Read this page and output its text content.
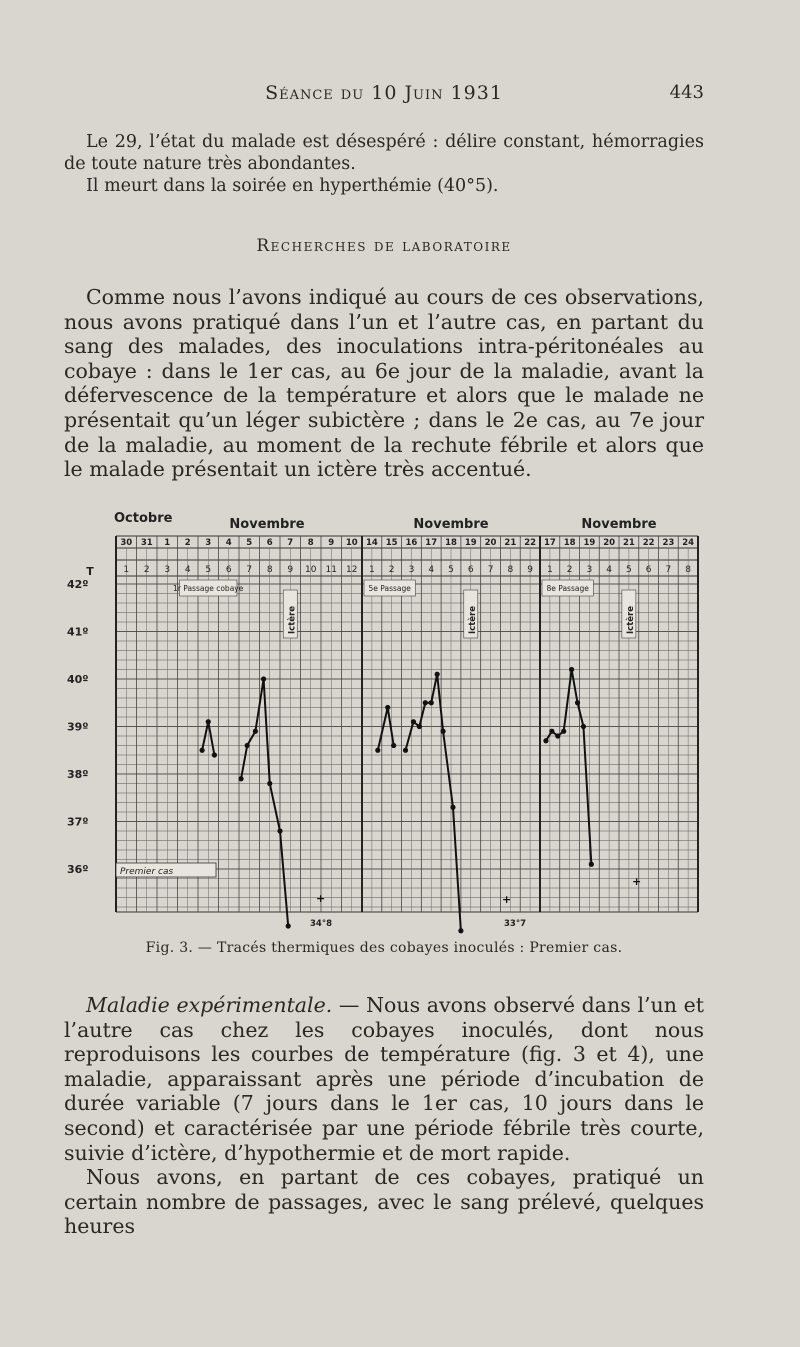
Séance du 10 Juin 1931	443

Le 29, l’état du malade est désespéré : délire constant, hémorragies de toute nature très abondantes.

Il meurt dans la soirée en hyperthémie (40°5).

Recherches de laboratoire

Comme nous l’avons indiqué au cours de ces observations, nous avons pratiqué dans l’un et l’autre cas, en partant du sang des malades, des inoculations intra-péritonéales au cobaye : dans le 1er cas, au 6e jour de la maladie, avant la défervescence de la température et alors que le malade ne présentait qu’un léger subictère ; dans le 2e cas, au 7e jour de la maladie, au moment de la rechute fébrile et alors que le malade présentait un ictère très accentué.

Octobre	Novembre	Novembre	Novembre
T
42º
41º
40º
39º
38º
37º
36º
30
1
31
2
1
3
2
4
3
5
4
6
5
7
6
8
7
9
8
10
9
11
10
12
1r Passage cobaye
Ictère
14
1
15
2
16
3
17
4
18
5
19
6
20
7
21
8
22
9
5e Passage
Ictère
17
1
18
2
19
3
20
4
21
5
22
6
23
7
24
8
8e Passage
Ictère
Premier cas
+	+
+
34°8	33°7
Fig. 3. — Tracés thermiques des cobayes inoculés : Premier cas.

Maladie expérimentale. — Nous avons observé dans l’un et l’autre cas chez les cobayes inoculés, dont nous reproduisons les courbes de température (fig. 3 et 4), une maladie, apparaissant après une période d’incubation de durée variable (7 jours dans le 1er cas, 10 jours dans le second) et caractérisée par une période fébrile très courte, suivie d’ictère, d’hypothermie et de mort rapide.

Nous avons, en partant de ces cobayes, pratiqué un certain nombre de passages, avec le sang prélevé, quelques heures
